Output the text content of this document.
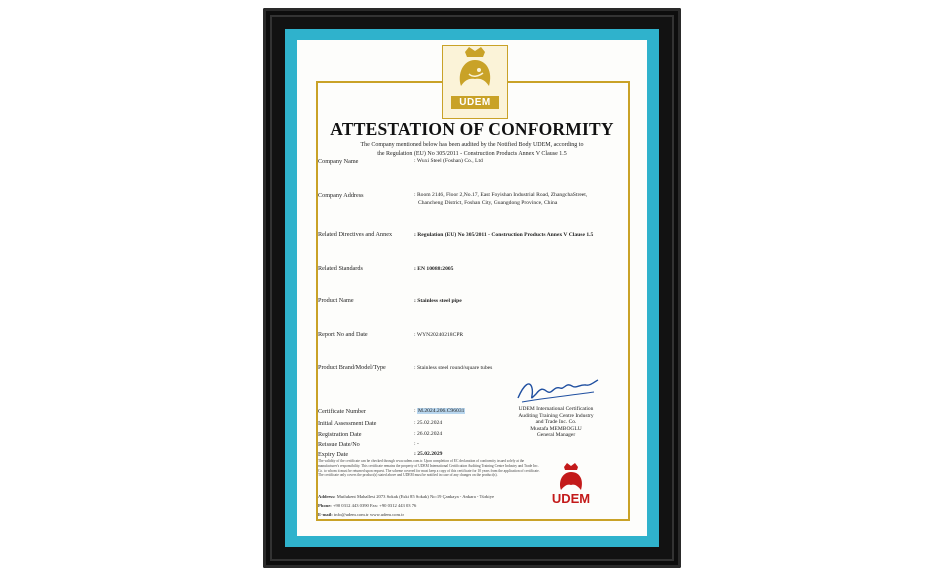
UDEM
ATTESTATION OF CONFORMITY
The Company mentioned below has been audited by the Notified Body UDEM, according to
the Regulation (EU) No 305/2011 - Construction Products Annex V Clause 1.5
Company Name	: Wuxi Steel (Foshan) Co., Ltd
Company Address	: Room 2146, Floor 2,No.17, East Foyishan Industrial Road, ZhangchaStreet,
Chancheng District, Foshan City, Guangdong Province, China
Related Directives and Annex	: Regulation (EU) No 305/2011 - Construction Products Annex V Clause 1.5
Related Standards	: EN 10088:2005
Product Name	: Stainless steel pipe
Report No and Date	: WYN20240218CPR
Product Brand/Model/Type	: Stainless steel round/square tubes
Certificate Number	: M.2024.206.C96031
Initial Assessment Date	: 25.02.2024
Registration Date	: 26.02.2024
Reissue Date/No	: -
Expiry Date	: 25.02.2029
UDEM International Certification
Auditing Training Centre Industry
and Trade Inc. Co.
Mustafa MEMBOGLU
General Manager
The validity of the certificate can be checked through www.udem.com.tr. Upon completion of EC declaration of conformity issued solely at the manufacturer's responsibility. This certificate remains the property of UDEM International Certification Auditing Training Centre Industry and Trade Inc. Co. to whom it must be returned upon request. The scheme covered for must keep a copy of this certificate for 10 years from the application of certificate. The certificate only covers the product(s) stated above and UDEM must be notified in case of any changes on the product(s).
Address: Mutlukent Mahallesi 2073 Sokak (Eski 85 Sokak) No:19 Çankaya - Ankara - Türkiye
Phone: +90 0312 443 0390 Fax: +90 0312 443 03 76
E-mail: info@udem.com.tr www.udem.com.tr
UDEM
